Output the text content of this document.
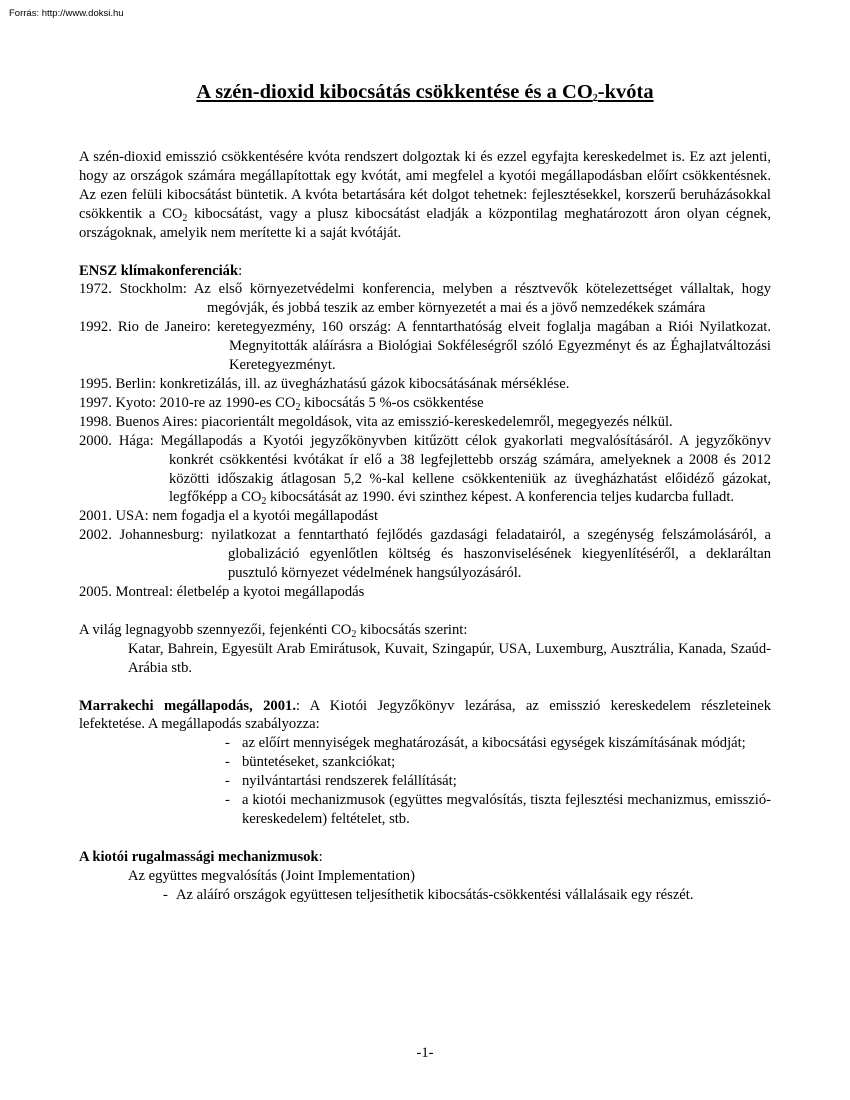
Forrás: http://www.doksi.hu
A szén-dioxid kibocsátás csökkentése és a $CO_2$-kvóta

A szén-dioxid emisszió csökkentésére kvóta rendszert dolgoztak ki és ezzel egyfajta kereskedelmet is. Ez azt jelenti, hogy az országok számára megállapítottak egy kvótát, ami megfelel a kyotói megállapodásban előírt csökkentésnek. Az ezen felüli kibocsátást büntetik. A kvóta betartására két dolgot tehetnek: fejlesztésekkel, korszerű beruházásokkal csökkentik a $CO_2$ kibocsátást, vagy a plusz kibocsátást eladják a központilag meghatározott áron olyan cégnek, országoknak, amelyik nem merítette ki a saját kvótáját.

ENSZ klímakonferenciák:

1972. Stockholm: Az első környezetvédelmi konferencia, melyben a résztvevők kötelezettséget vállaltak, hogy megóvják, és jobbá teszik az ember környezetét a mai és a jövő nemzedékek számára

1992. Rio de Janeiro: keretegyezmény, 160 ország: A fenntarthatóság elveit foglalja magában a Riói Nyilatkozat. Megnyitották aláírásra a Biológiai Sokféleségről szóló Egyezményt és az Éghajlatváltozási Keretegyezményt.

1995. Berlin: konkretizálás, ill. az üvegházhatású gázok kibocsátásának mérséklése.

1997. Kyoto: 2010-re az 1990-es $CO_2$ kibocsátás 5 %-os csökkentése

1998. Buenos Aires: piacorientált megoldások, vita az emisszió-kereskedelemről, megegyezés nélkül.

2000. Hága: Megállapodás a Kyotói jegyzőkönyvben kitűzött célok gyakorlati megvalósításáról. A jegyzőkönyv konkrét csökkentési kvótákat ír elő a 38 legfejlettebb ország számára, amelyeknek a 2008 és 2012 közötti időszakig átlagosan 5,2 %-kal kellene csökkenteniük az üvegházhatást előidéző gázokat, legfőképp a $CO_2$ kibocsátását az 1990. évi szinthez képest. A konferencia teljes kudarcba fulladt.

2001. USA: nem fogadja el a kyotói megállapodást

2002. Johannesburg: nyilatkozat a fenntartható fejlődés gazdasági feladatairól, a szegénység felszámolásáról, a globalizáció egyenlőtlen költség és haszonviselésének kiegyenlítéséről, a deklaráltan pusztuló környezet védelmének hangsúlyozásáról.

2005. Montreal: életbelép a kyotoi megállapodás

A világ legnagyobb szennyezői, fejenkénti $CO_2$ kibocsátás szerint:

Katar, Bahrein, Egyesült Arab Emirátusok, Kuvait, Szingapúr, USA, Luxemburg, Ausztrália, Kanada, Szaúd-Arábia stb.

Marrakechi megállapodás, 2001.: A Kiotói Jegyzőkönyv lezárása, az emisszió kereskedelem részleteinek lefektetése. A megállapodás szabályozza:

- az előírt mennyiségek meghatározását, a kibocsátási egységek kiszámításának módját;
- büntetéseket, szankciókat;
- nyilvántartási rendszerek felállítását;
- a kiotói mechanizmusok (együttes megvalósítás, tiszta fejlesztési mechanizmus, emisszió-kereskedelem) feltételet, stb.
A kiotói rugalmassági mechanizmusok:
Az együttes megvalósítás (Joint Implementation)
- Az aláíró országok együttesen teljesíthetik kibocsátás-csökkentési vállalásaik egy részét.
-1-
